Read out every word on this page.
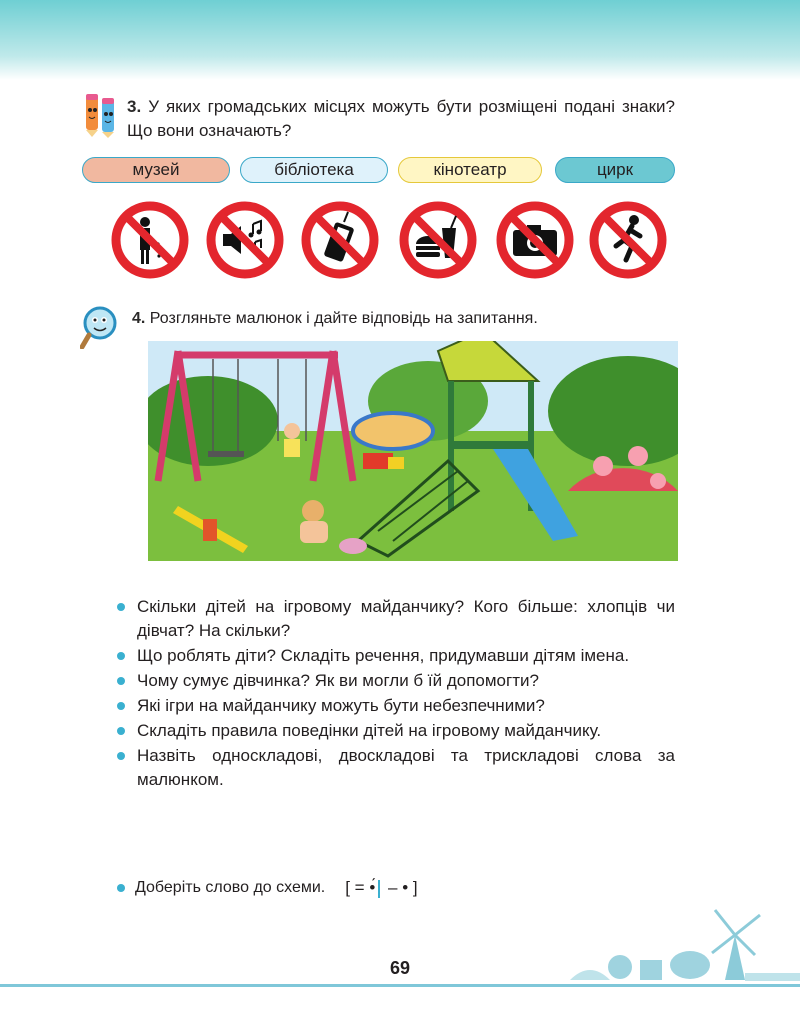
3. У яких громадських місцях можуть бути розміщені подані знаки? Що вони означають?
музей	бібліотека	кінотеатр	цирк
4. Розгляньте малюнок і дайте відповідь на запитання.
Скільки дітей на ігровому майданчику? Кого більше: хлопців чи дівчат? На скільки?
Що роблять діти? Складіть речення, придумавши дітям імена.
Чому сумує дівчинка? Як ви могли б їй допомогти?
Які ігри на майданчику можуть бути небезпечними?
Складіть правила поведінки дітей на ігровому майданчику.
Назвіть односкладові, двоскладові та трискладові слова за малюнком.
Доберіть слово до схеми. [ = •́ – • ]
69
